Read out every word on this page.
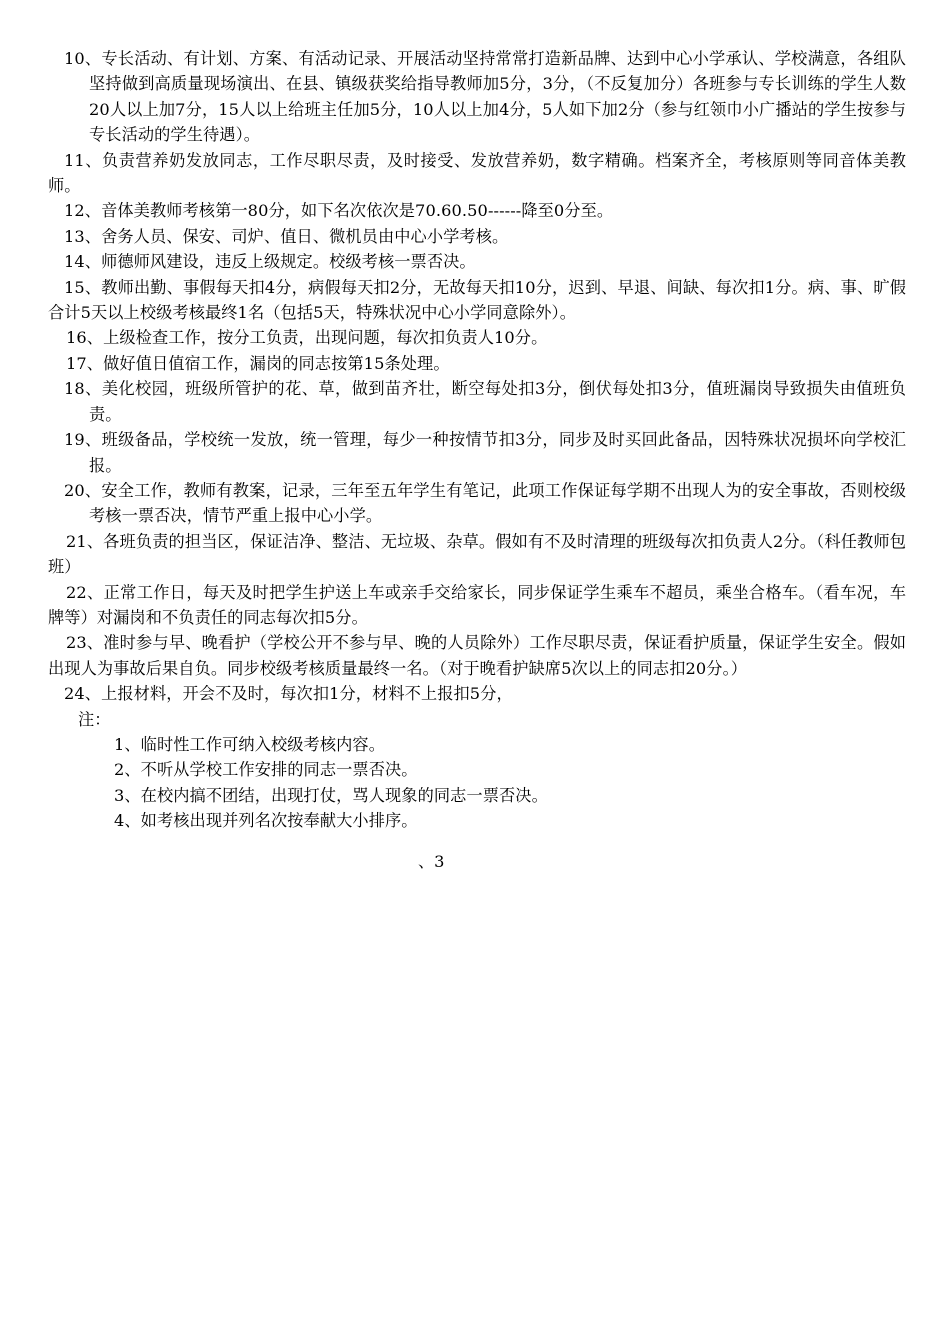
10、专长活动、有计划、方案、有活动记录、开展活动坚持常常打造新品牌、达到中心小学承认、学校满意，各组队坚持做到高质量现场演出、在县、镇级获奖给指导教师加5分，3分，（不反复加分）各班参与专长训练的学生人数20人以上加7分，15人以上给班主任加5分，10人以上加4分，5人如下加2分（参与红领巾小广播站的学生按参与专长活动的学生待遇）。

11、负责营养奶发放同志，工作尽职尽责，及时接受、发放营养奶，数字精确。档案齐全，考核原则等同音体美教师。

12、音体美教师考核第一80分，如下名次依次是70.60.50------降至0分至。

13、舍务人员、保安、司炉、值日、微机员由中心小学考核。

14、师德师风建设，违反上级规定。校级考核一票否决。

15、教师出勤、事假每天扣4分，病假每天扣2分，无故每天扣10分，迟到、早退、间缺、每次扣1分。病、事、旷假合计5天以上校级考核最终1名（包括5天，特殊状况中心小学同意除外）。

16、上级检查工作，按分工负责，出现问题，每次扣负责人10分。

17、做好值日值宿工作，漏岗的同志按第15条处理。

18、美化校园，班级所管护的花、草，做到苗齐壮，断空每处扣3分，倒伏每处扣3分，值班漏岗导致损失由值班负责。

19、班级备品，学校统一发放，统一管理，每少一种按情节扣3分，同步及时买回此备品，因特殊状况损坏向学校汇报。

20、安全工作，教师有教案，记录，三年至五年学生有笔记，此项工作保证每学期不出现人为的安全事故，否则校级考核一票否决，情节严重上报中心小学。

21、各班负责的担当区，保证洁净、整洁、无垃圾、杂草。假如有不及时清理的班级每次扣负责人2分。（科任教师包班）

22、正常工作日，每天及时把学生护送上车或亲手交给家长，同步保证学生乘车不超员，乘坐合格车。（看车况，车牌等）对漏岗和不负责任的同志每次扣5分。

23、准时参与早、晚看护（学校公开不参与早、晚的人员除外）工作尽职尽责，保证看护质量，保证学生安全。假如出现人为事故后果自负。同步校级考核质量最终一名。（对于晚看护缺席5次以上的同志扣20分。）

24、上报材料，开会不及时，每次扣1分，材料不上报扣5分，

注：

1、临时性工作可纳入校级考核内容。

2、不听从学校工作安排的同志一票否决。

3、在校内搞不团结，出现打仗，骂人现象的同志一票否决。

4、如考核出现并列名次按奉献大小排序。

、3
